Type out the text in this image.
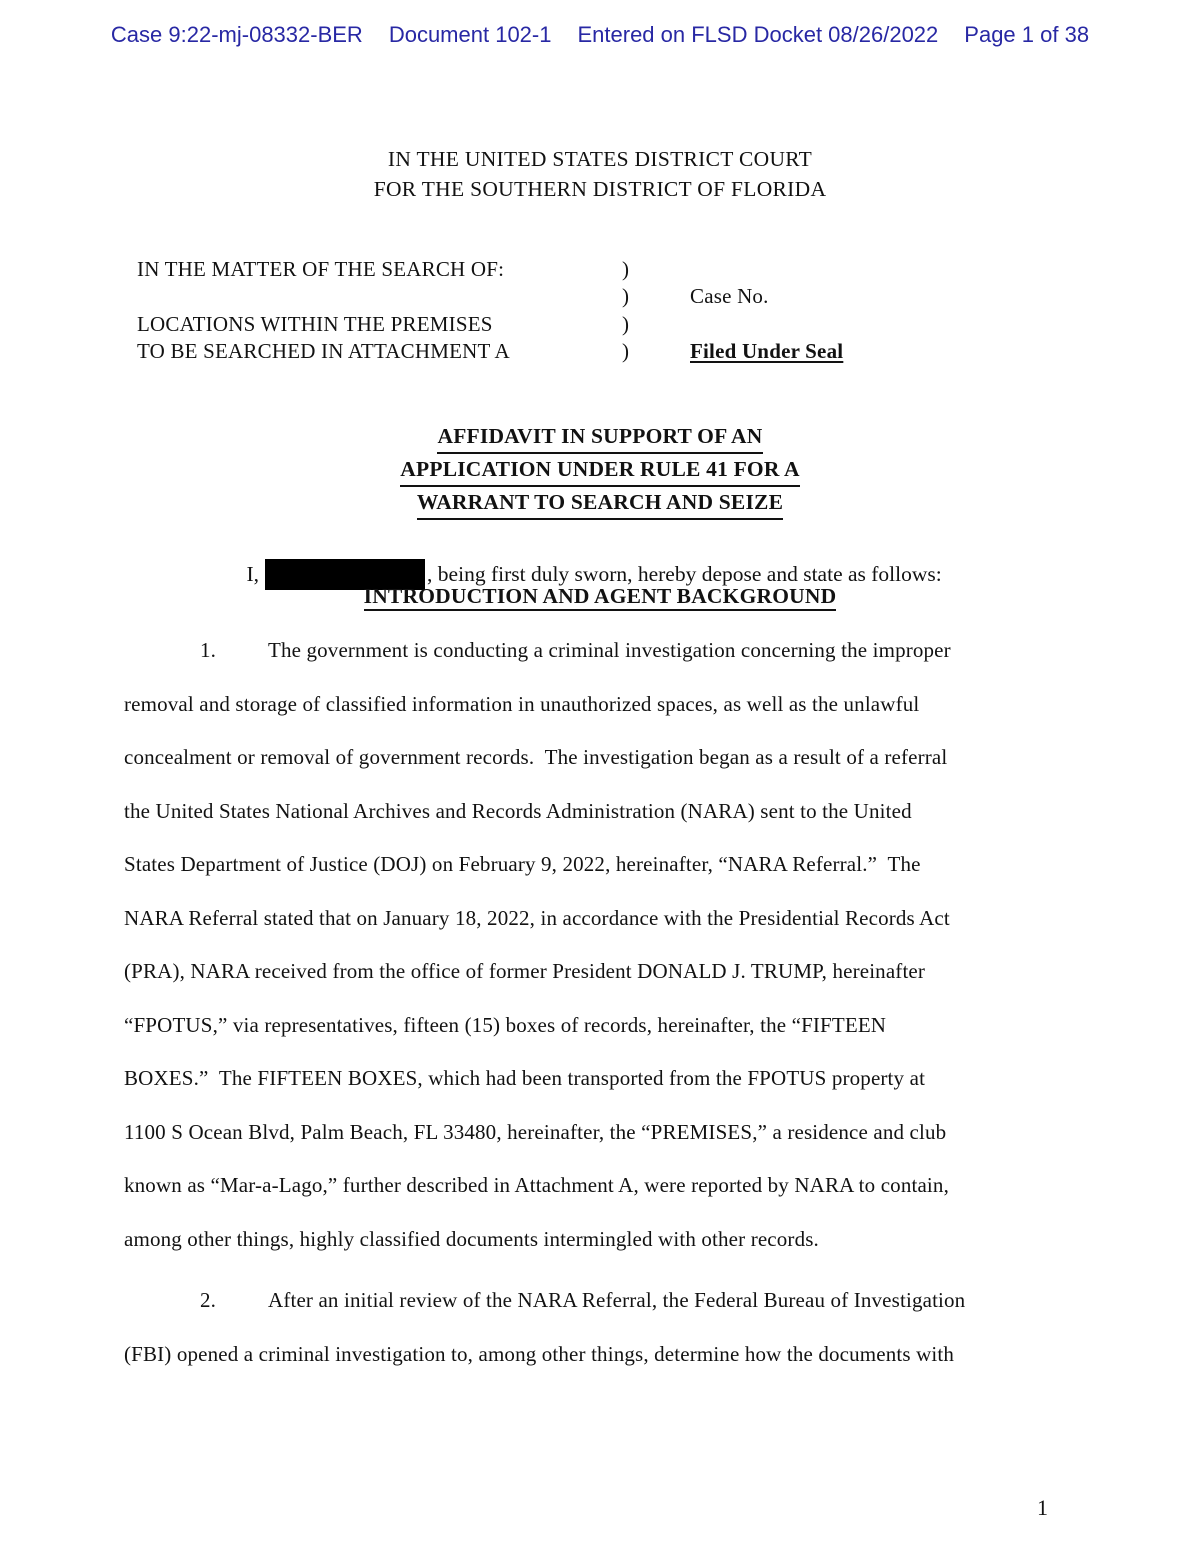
Case 9:22-mj-08332-BER Document 102-1 Entered on FLSD Docket 08/26/2022 Page 1 of 38
IN THE UNITED STATES DISTRICT COURT
FOR THE SOUTHERN DISTRICT OF FLORIDA
IN THE MATTER OF THE SEARCH OF:	)
)	Case No.
LOCATIONS WITHIN THE PREMISES	)
TO BE SEARCHED IN ATTACHMENT A	)	Filed Under Seal
AFFIDAVIT IN SUPPORT OF AN
APPLICATION UNDER RULE 41 FOR A
WARRANT TO SEARCH AND SEIZE

I,	, being first duly sworn, hereby depose and state as follows:

INTRODUCTION AND AGENT BACKGROUND
1. The government is conducting a criminal investigation concerning the improper
removal and storage of classified information in unauthorized spaces, as well as the unlawful
concealment or removal of government records.  The investigation began as a result of a referral
the United States National Archives and Records Administration (NARA) sent to the United
States Department of Justice (DOJ) on February 9, 2022, hereinafter, “NARA Referral.”  The
NARA Referral stated that on January 18, 2022, in accordance with the Presidential Records Act
(PRA), NARA received from the office of former President DONALD J. TRUMP, hereinafter
“FPOTUS,” via representatives, fifteen (15) boxes of records, hereinafter, the “FIFTEEN
BOXES.”  The FIFTEEN BOXES, which had been transported from the FPOTUS property at
1100 S Ocean Blvd, Palm Beach, FL 33480, hereinafter, the “PREMISES,” a residence and club
known as “Mar-a-Lago,” further described in Attachment A, were reported by NARA to contain,
among other things, highly classified documents intermingled with other records.
2. After an initial review of the NARA Referral, the Federal Bureau of Investigation
(FBI) opened a criminal investigation to, among other things, determine how the documents with
1
